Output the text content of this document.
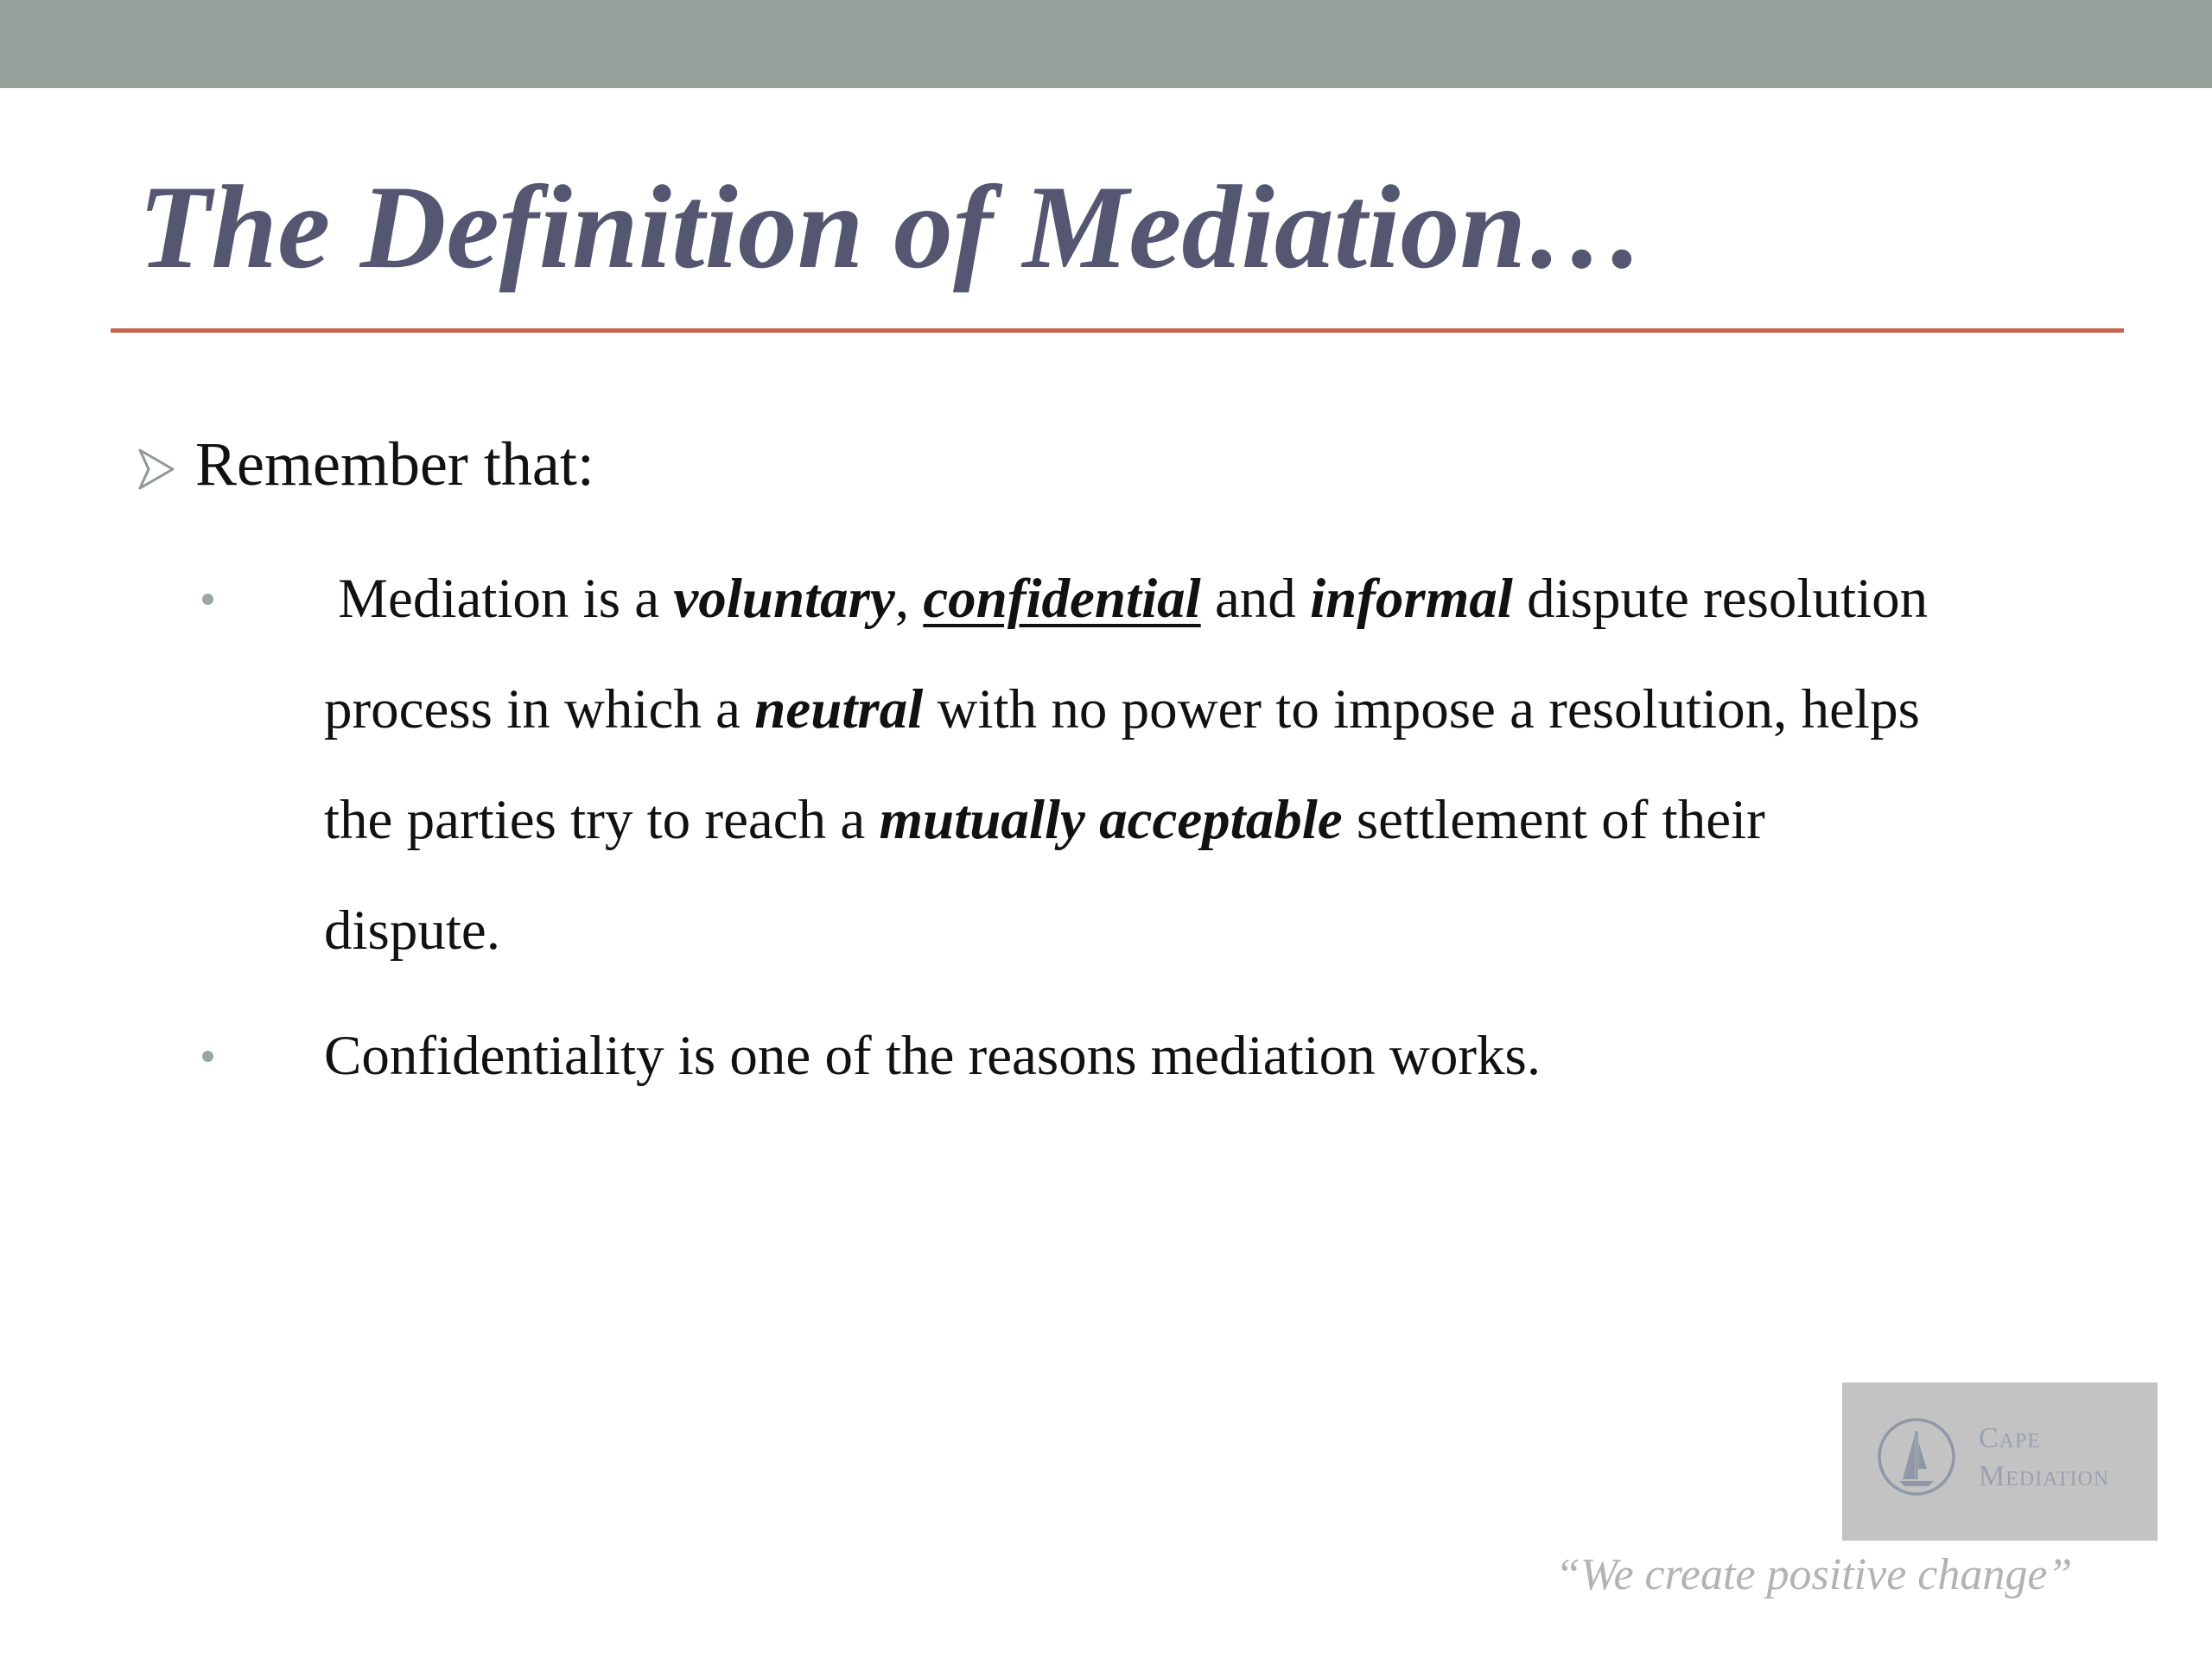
The Definition of Mediation…
Remember that:
Mediation is a voluntary, confidential and informal dispute resolution
process in which a neutral with no power to impose a resolution, helps
the parties try to reach a mutually acceptable settlement of their
dispute.
Confidentiality is one of the reasons mediation works.
Cape
Mediation
“We create positive change”
